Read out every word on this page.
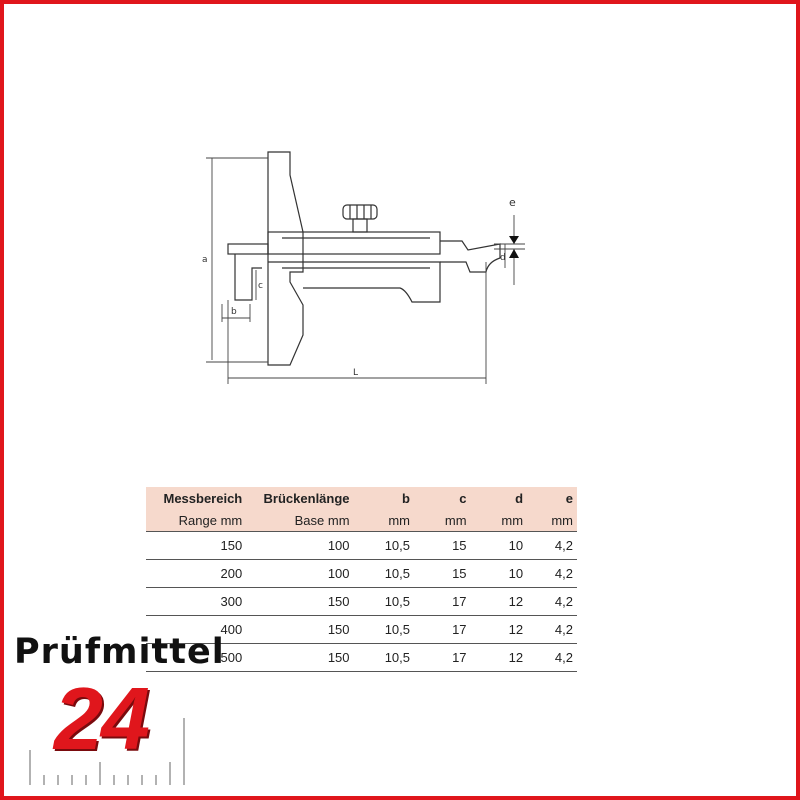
a
b
c
d
e
L
Messbereich	Brückenlänge	b	c	d	e
Range mm	Base mm	mm	mm	mm	mm
150	100	10,5	15	10	4,2
200	100	10,5	15	10	4,2
300	150	10,5	17	12	4,2
400	150	10,5	17	12	4,2
500	150	10,5	17	12	4,2
Prüfmittel
24
